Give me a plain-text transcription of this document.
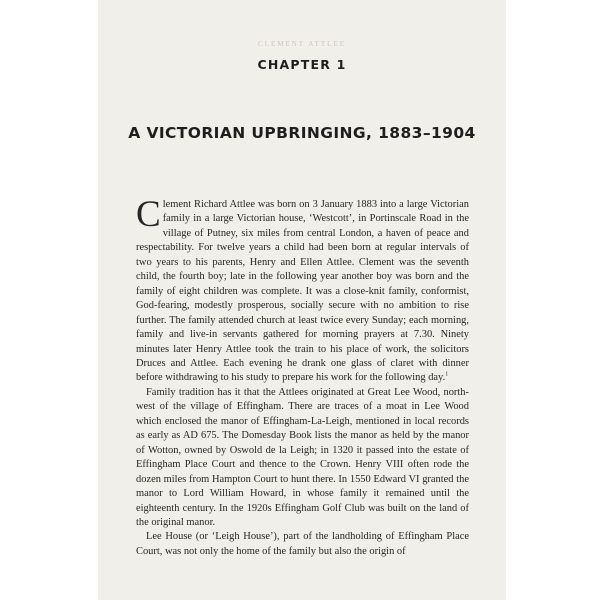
CLEMENT ATTLEE
CHAPTER 1
A VICTORIAN UPBRINGING, 1883–1904

Clement Richard Attlee was born on 3 January 1883 into a large Victorian family in a large Victorian house, ‘Westcott’, in Portinscale Road in the village of Putney, six miles from central London, a haven of peace and respectability. For twelve years a child had been born at regular intervals of two years to his parents, Henry and Ellen Attlee. Clement was the seventh child, the fourth boy; late in the following year another boy was born and the family of eight children was complete. It was a close-knit family, conformist, God-fearing, modestly prosperous, socially secure with no ambition to rise further. The family attended church at least twice every Sunday; each morning, family and live-in servants gathered for morning prayers at 7.30. Ninety minutes later Henry Attlee took the train to his place of work, the solicitors Druces and Attlee. Each evening he drank one glass of claret with dinner before withdrawing to his study to prepare his work for the following day.$^1$

Family tradition has it that the Attlees originated at Great Lee Wood, north-west of the village of Effingham. There are traces of a moat in Lee Wood which enclosed the manor of Effingham-La-Leigh, mentioned in local records as early as AD 675. The Domesday Book lists the manor as held by the manor of Wotton, owned by Oswold de la Leigh; in 1320 it passed into the estate of Effingham Place Court and thence to the Crown. Henry VIII often rode the dozen miles from Hampton Court to hunt there. In 1550 Edward VI granted the manor to Lord William Howard, in whose family it remained until the eighteenth century. In the 1920s Effingham Golf Club was built on the land of the original manor.

Lee House (or ‘Leigh House’), part of the landholding of Effingham Place Court, was not only the home of the family but also the origin of
